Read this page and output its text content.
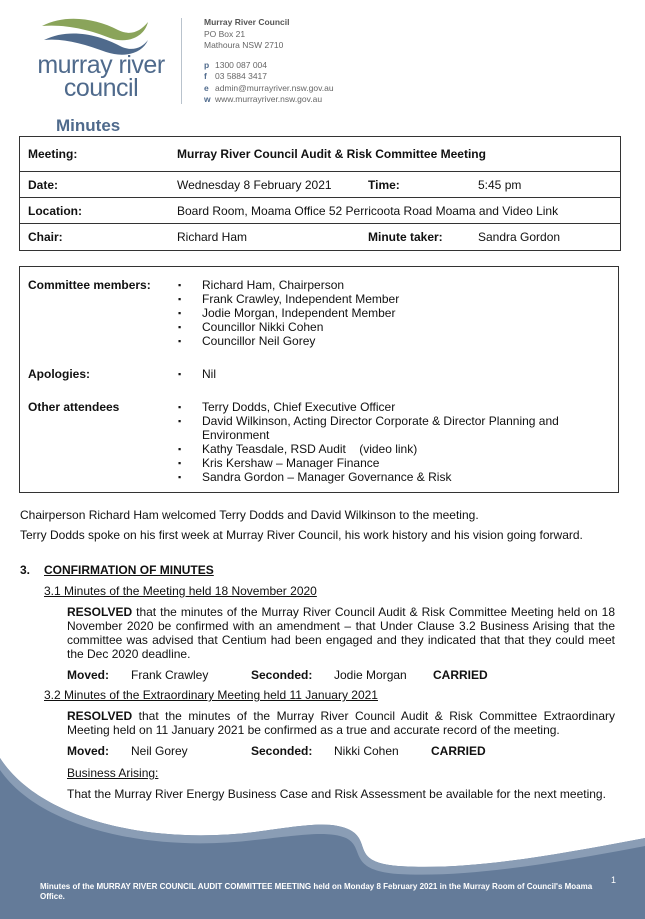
murray river
council
Murray River Council
PO Box 21
Mathoura NSW 2710
p 1300 087 004
f 03 5884 3417
e admin@murrayriver.nsw.gov.au
w www.murrayriver.nsw.gov.au
Minutes
Meeting:	Murray River Council Audit & Risk Committee Meeting
Date:	Wednesday 8 February 2021	Time:	5:45 pm
Location:	Board Room, Moama Office 52 Perricoota Road Moama and Video Link
Chair:	Richard Ham	Minute taker:	Sandra Gordon
Committee members:	▪ Richard Ham, Chairperson
▪ Frank Crawley, Independent Member
▪ Jodie Morgan, Independent Member
▪ Councillor Nikki Cohen
▪ Councillor Neil Gorey
Apologies:	▪ Nil
Other attendees	▪ Terry Dodds, Chief Executive Officer
▪ David Wilkinson, Acting Director Corporate & Director Planning and Environment
▪ Kathy Teasdale, RSD Audit    (video link)
▪ Kris Kershaw – Manager Finance
▪ Sandra Gordon – Manager Governance & Risk
Chairperson Richard Ham welcomed Terry Dodds and David Wilkinson to the meeting.
Terry Dodds spoke on his first week at Murray River Council, his work history and his vision going forward.
3. CONFIRMATION OF MINUTES
3.1 Minutes of the Meeting held 18 November 2020
RESOLVED that the minutes of the Murray River Council Audit & Risk Committee Meeting held on 18 November 2020 be confirmed with an amendment – that Under Clause 3.2 Business Arising that the committee was advised that Centium had been engaged and they indicated that that they could meet the Dec 2020 deadline.
Moved: Frank Crawley	Seconded: Jodie Morgan CARRIED
3.2 Minutes of the Extraordinary Meeting held 11 January 2021
RESOLVED that the minutes of the Murray River Council Audit & Risk Committee Extraordinary Meeting held on 11 January 2021 be confirmed as a true and accurate record of the meeting.
Moved: Neil Gorey	Seconded: Nikki Cohen	CARRIED
Business Arising:
That the Murray River Energy Business Case and Risk Assessment be available for the next meeting.
Minutes of the MURRAY RIVER COUNCIL AUDIT COMMITTEE MEETING held on Monday 8 February 2021 in the Murray Room of Council's Moama Office.
1
